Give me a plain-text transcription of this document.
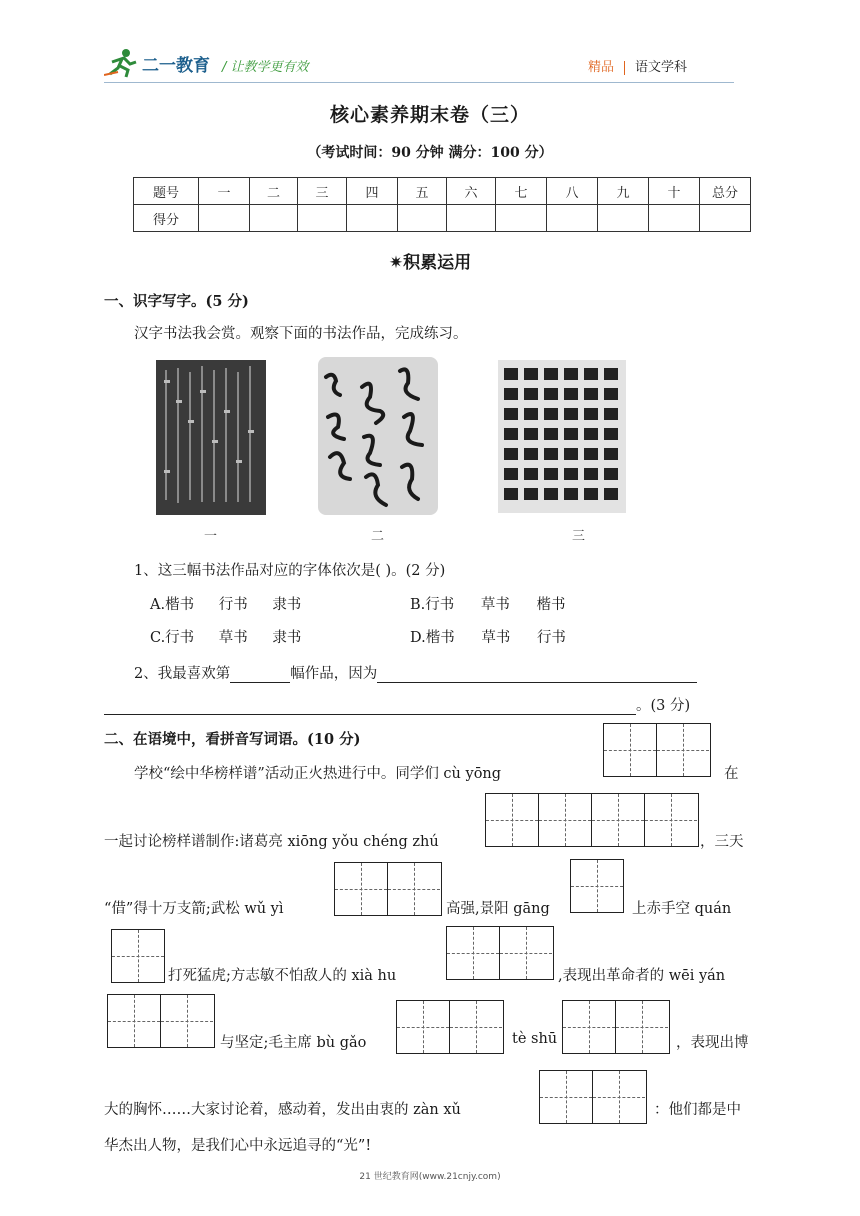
二一教育 / 让教学更有效	精品 语文学科
核心素养期末卷（三）
（考试时间：90 分钟 满分：100 分）
题号	一	二	三	四	五	六	七	八	九	十	总分
得分											
✷积累运用
一、识字写字。(5 分)
汉字书法我会赏。观察下面的书法作品，完成练习。
一	二	三
1、这三幅书法作品对应的字体依次是( )。(2 分)
A.楷书 行书 隶书	B.行书 草书 楷书
C.行书 草书 隶书	D.楷书 草书 行书
2、我最喜欢第	幅作品，因为
。(3 分)
二、在语境中，看拼音写词语。(10 分)
学校“绘中华榜样谱”活动正火热进行中。同学们 cù yōng	在
一起讨论榜样谱制作:诸葛亮 xiōng yǒu chéng zhú	，三天
“借”得十万支箭;武松 wǔ yì	高强,景阳 gāng	上赤手空 quán
打死猛虎;方志敏不怕敌人的 xià hu	,表现出革命者的 wēi yán
与坚定;毛主席 bù gǎo	tè shū	，表现出博
大的胸怀……大家讨论着，感动着，发出由衷的 zàn xǔ	：他们都是中
华杰出人物，是我们心中永远追寻的“光”!
21 世纪教育网(www.21cnjy.com)
